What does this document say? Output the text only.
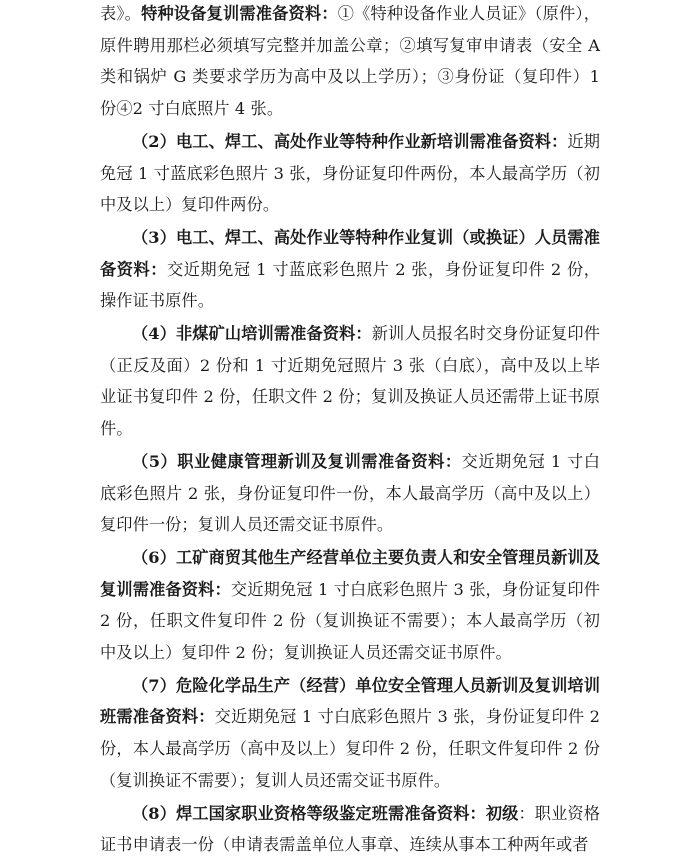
表》。特种设备复训需准备资料：①《特种设备作业人员证》（原件），原件聘用那栏必须填写完整并加盖公章；②填写复审申请表（安全 A 类和锅炉 G 类要求学历为高中及以上学历）；③身份证（复印件）1 份④2 寸白底照片 4 张。

（2）电工、焊工、高处作业等特种作业新培训需准备资料：近期免冠 1 寸蓝底彩色照片 3 张，身份证复印件两份，本人最高学历（初中及以上）复印件两份。

（3）电工、焊工、高处作业等特种作业复训（或换证）人员需准备资料：交近期免冠 1 寸蓝底彩色照片 2 张，身份证复印件 2 份，操作证书原件。

（4）非煤矿山培训需准备资料：新训人员报名时交身份证复印件（正反及面）2 份和 1 寸近期免冠照片 3 张（白底），高中及以上毕业证书复印件 2 份，任职文件 2 份；复训及换证人员还需带上证书原件。

（5）职业健康管理新训及复训需准备资料：交近期免冠 1 寸白底彩色照片 2 张，身份证复印件一份，本人最高学历（高中及以上）复印件一份；复训人员还需交证书原件。

（6）工矿商贸其他生产经营单位主要负责人和安全管理员新训及复训需准备资料：交近期免冠 1 寸白底彩色照片 3 张，身份证复印件 2 份，任职文件复印件 2 份（复训换证不需要）；本人最高学历（初中及以上）复印件 2 份；复训换证人员还需交证书原件。

（7）危险化学品生产（经营）单位安全管理人员新训及复训培训班需准备资料：交近期免冠 1 寸白底彩色照片 3 张，身份证复印件 2 份，本人最高学历（高中及以上）复印件 2 份，任职文件复印件 2 份（复训换证不需要）；复训人员还需交证书原件。

（8）焊工国家职业资格等级鉴定班需准备资料：初级：职业资格证书申请表一份（申请表需盖单位人事章、连续从事本工种两年或者
